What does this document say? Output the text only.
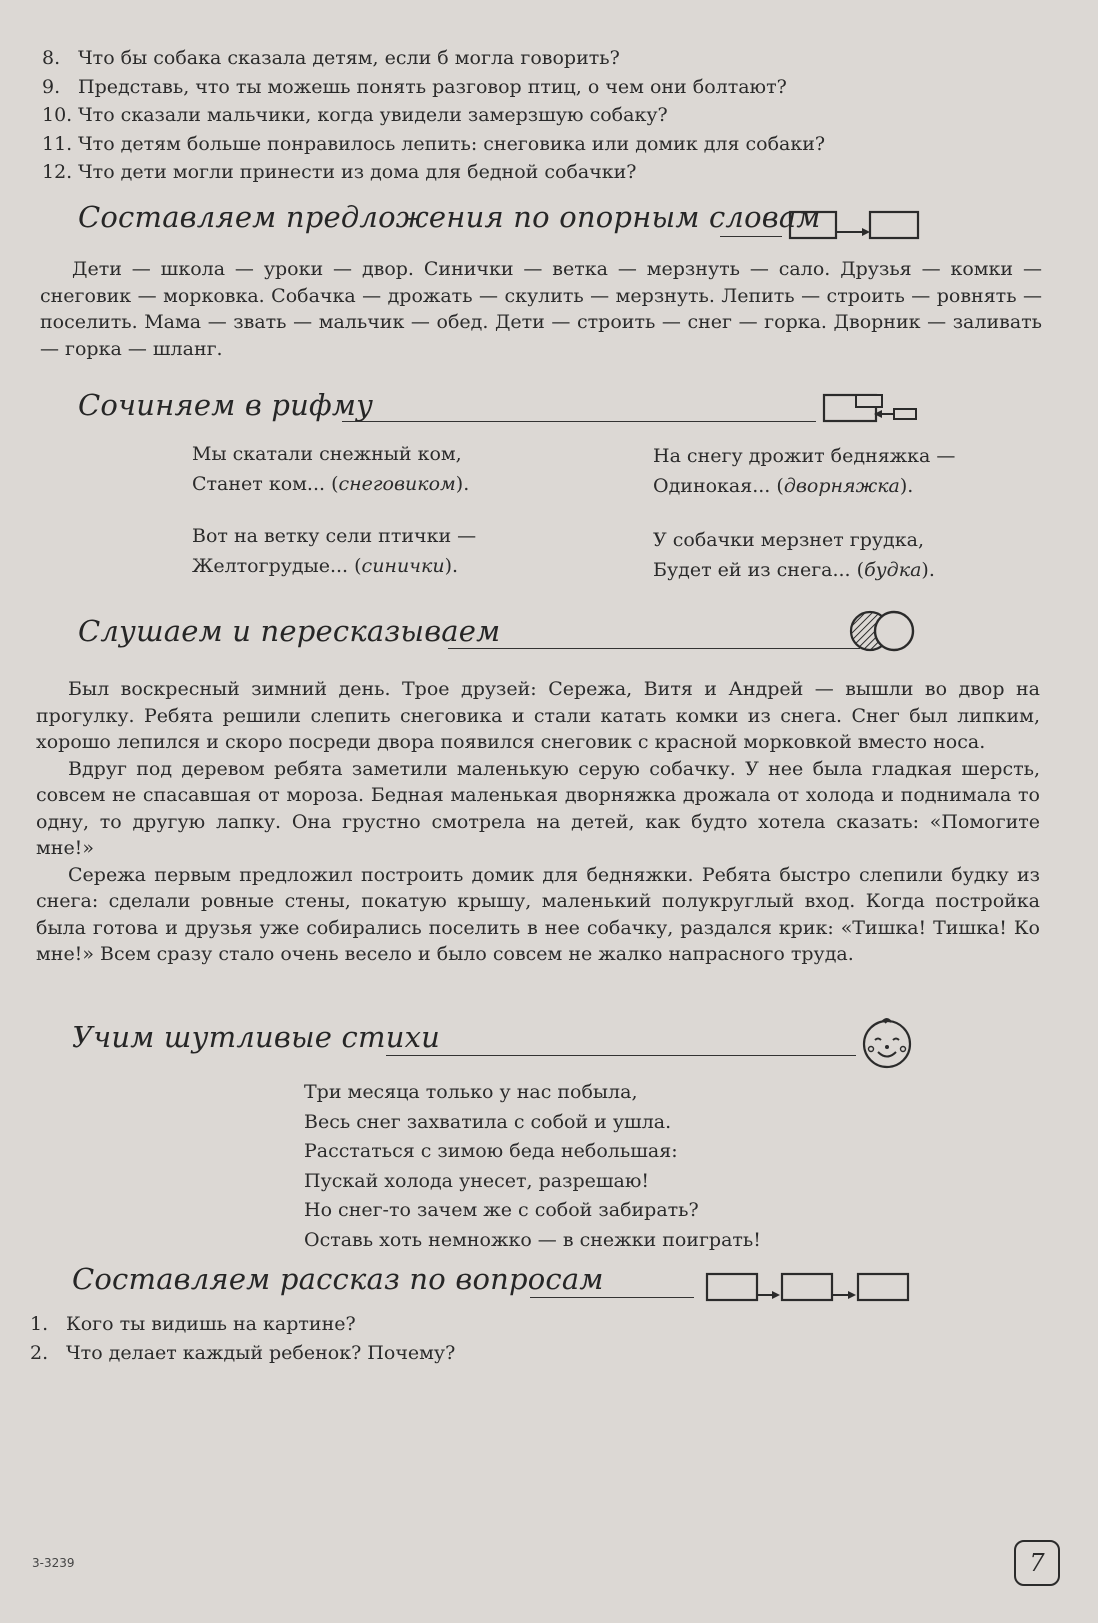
8. Что бы собака сказала детям, если б могла говорить?
9. Представь, что ты можешь понять разговор птиц, о чем они болтают?
10. Что сказали мальчики, когда увидели замерзшую собаку?
11. Что детям больше понравилось лепить: снеговика или домик для собаки?
12. Что дети могли принести из дома для бедной собачки?
Составляем предложения по опорным словам

Дети — школа — уроки — двор. Синички — ветка — мерзнуть — сало. Друзья — комки — снеговик — морковка. Собачка — дрожать — скулить — мерзнуть. Лепить — строить — ровнять — поселить. Мама — звать — мальчик — обед. Дети — строить — снег — горка. Дворник — заливать — горка — шланг.

Сочиняем в рифму
Мы скатали снежный ком,
Станет ком... (снеговиком).
На снегу дрожит бедняжка —
Одинокая... (дворняжка).
Вот на ветку сели птички —
Желтогрудые... (синички).
У собачки мерзнет грудка,
Будет ей из снега... (будка).
Слушаем и пересказываем

Был воскресный зимний день. Трое друзей: Сережа, Витя и Андрей — вышли во двор на прогулку. Ребята решили слепить снеговика и стали катать комки из снега. Снег был липким, хорошо лепился и скоро посреди двора появился снеговик с красной морковкой вместо носа.

Вдруг под деревом ребята заметили маленькую серую собачку. У нее была гладкая шерсть, совсем не спасавшая от мороза. Бедная маленькая дворняжка дрожала от холода и поднимала то одну, то другую лапку. Она грустно смотрела на детей, как будто хотела сказать: «Помогите мне!»

Сережа первым предложил построить домик для бедняжки. Ребята быстро слепили будку из снега: сделали ровные стены, покатую крышу, маленький полукруглый вход. Когда постройка была готова и друзья уже собирались поселить в нее собачку, раздался крик: «Тишка! Тишка! Ко мне!» Всем сразу стало очень весело и было совсем не жалко напрасного труда.

Учим шутливые стихи
Три месяца только у нас побыла,
Весь снег захватила с собой и ушла.
Расстаться с зимою беда небольшая:
Пускай холода унесет, разрешаю!
Но снег-то зачем же с собой забирать?
Оставь хоть немножко — в снежки поиграть!
Составляем рассказ по вопросам
1. Кого ты видишь на картине?
2. Что делает каждый ребенок? Почему?
3-3239	7
